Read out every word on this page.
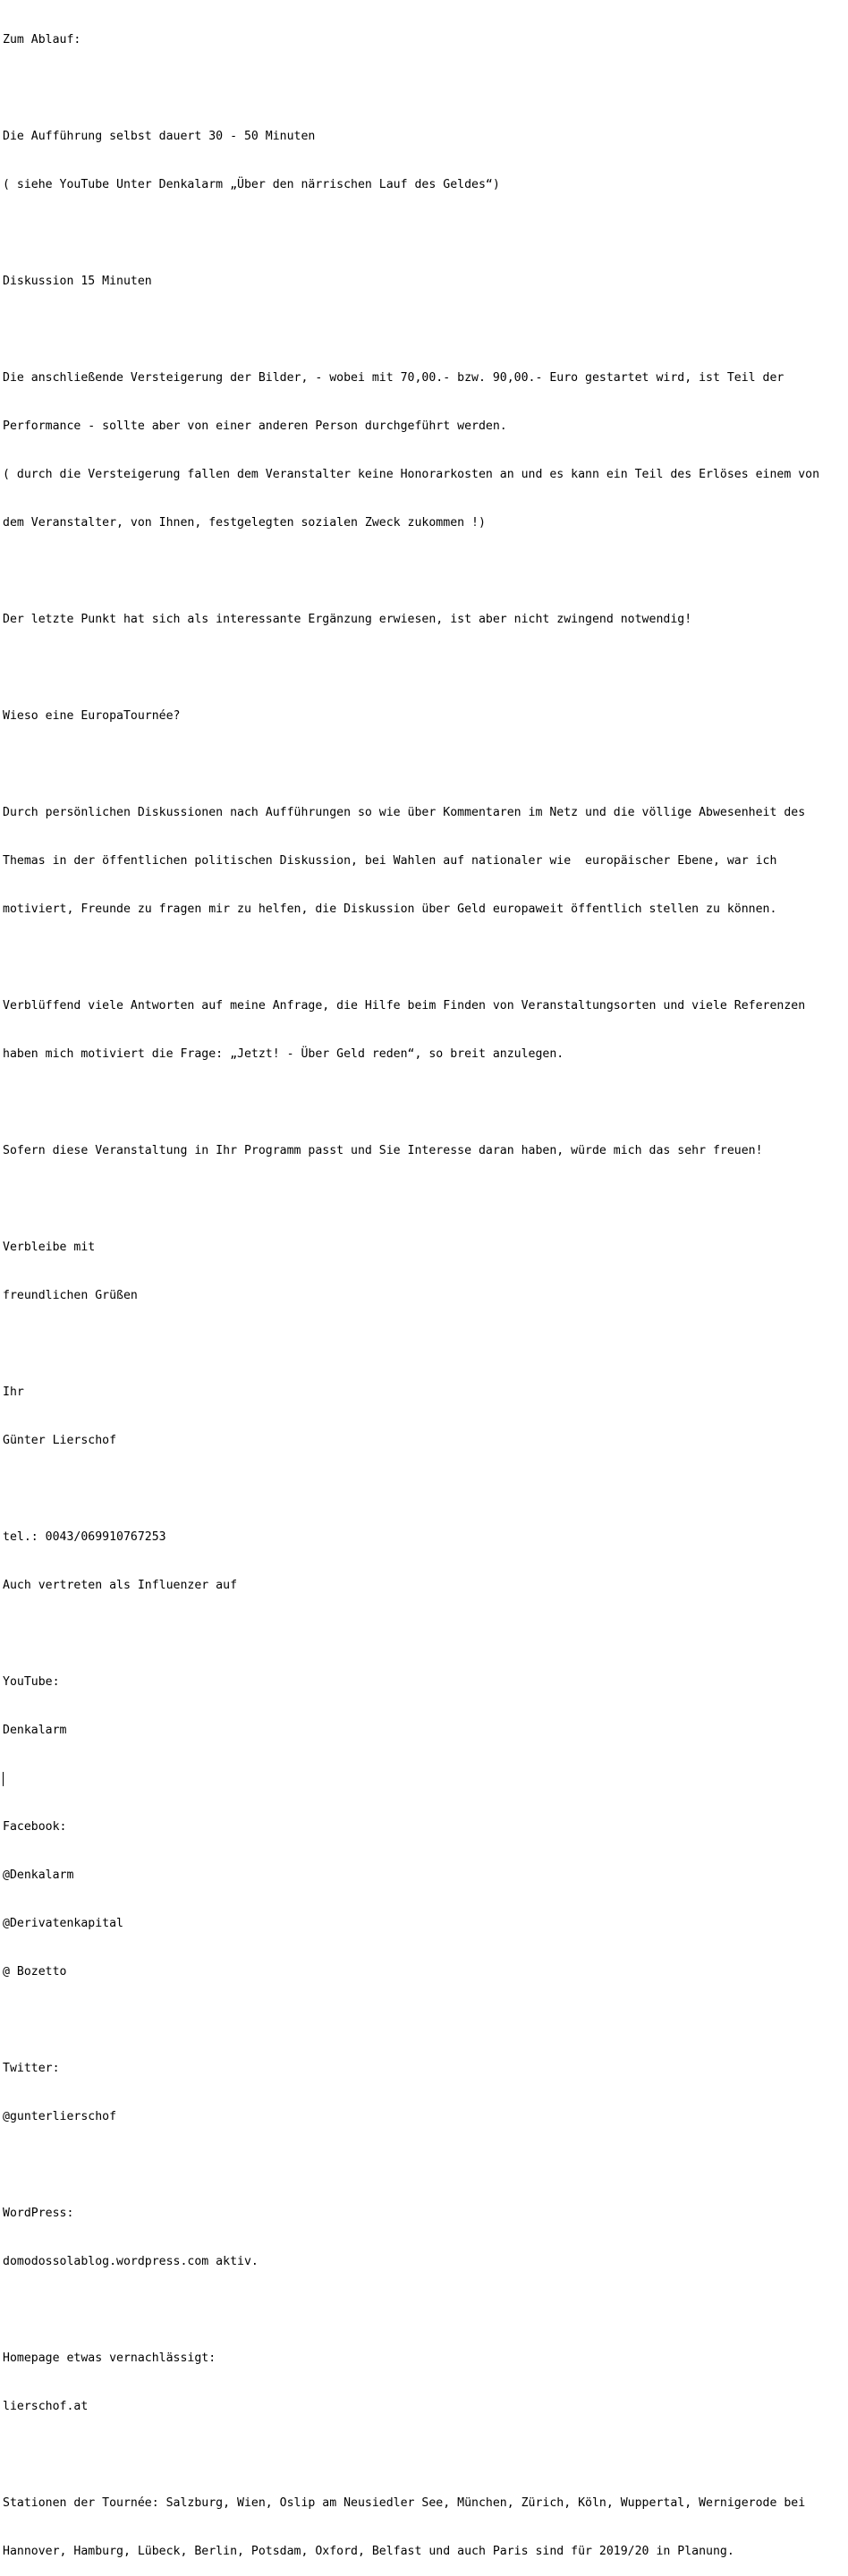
Zum Ablauf:

Die Aufführung selbst dauert 30 - 50 Minuten

( siehe YouTube Unter Denkalarm „Über den närrischen Lauf des Geldes“)

Diskussion 15 Minuten

Die anschließende Versteigerung der Bilder, - wobei mit 70,00.- bzw. 90,00.- Euro gestartet wird, ist Teil der

Performance - sollte aber von einer anderen Person durchgeführt werden.

( durch die Versteigerung fallen dem Veranstalter keine Honorarkosten an und es kann ein Teil des Erlöses einem von

dem Veranstalter, von Ihnen, festgelegten sozialen Zweck zukommen !)

Der letzte Punkt hat sich als interessante Ergänzung erwiesen, ist aber nicht zwingend notwendig!

Wieso eine EuropaTournée?

Durch persönlichen Diskussionen nach Aufführungen so wie über Kommentaren im Netz und die völlige Abwesenheit des

Themas in der öffentlichen politischen Diskussion, bei Wahlen auf nationaler wie  europäischer Ebene, war ich

motiviert, Freunde zu fragen mir zu helfen, die Diskussion über Geld europaweit öffentlich stellen zu können.

Verblüffend viele Antworten auf meine Anfrage, die Hilfe beim Finden von Veranstaltungsorten und viele Referenzen

haben mich motiviert die Frage: „Jetzt! - Über Geld reden“, so breit anzulegen.

Sofern diese Veranstaltung in Ihr Programm passt und Sie Interesse daran haben, würde mich das sehr freuen!

Verbleibe mit

freundlichen Grüßen

Ihr

Günter Lierschof

tel.: 0043/069910767253

Auch vertreten als Influenzer auf

YouTube:

Denkalarm

Facebook:

@Denkalarm

@Derivatenkapital

@ Bozetto

Twitter:

@gunterlierschof

WordPress:

domodossolablog.wordpress.com aktiv.

Homepage etwas vernachlässigt:

lierschof.at

Stationen der Tournée: Salzburg, Wien, Oslip am Neusiedler See, München, Zürich, Köln, Wuppertal, Wernigerode bei

Hannover, Hamburg, Lübeck, Berlin, Potsdam, Oxford, Belfast und auch Paris sind für 2019/20 in Planung.
